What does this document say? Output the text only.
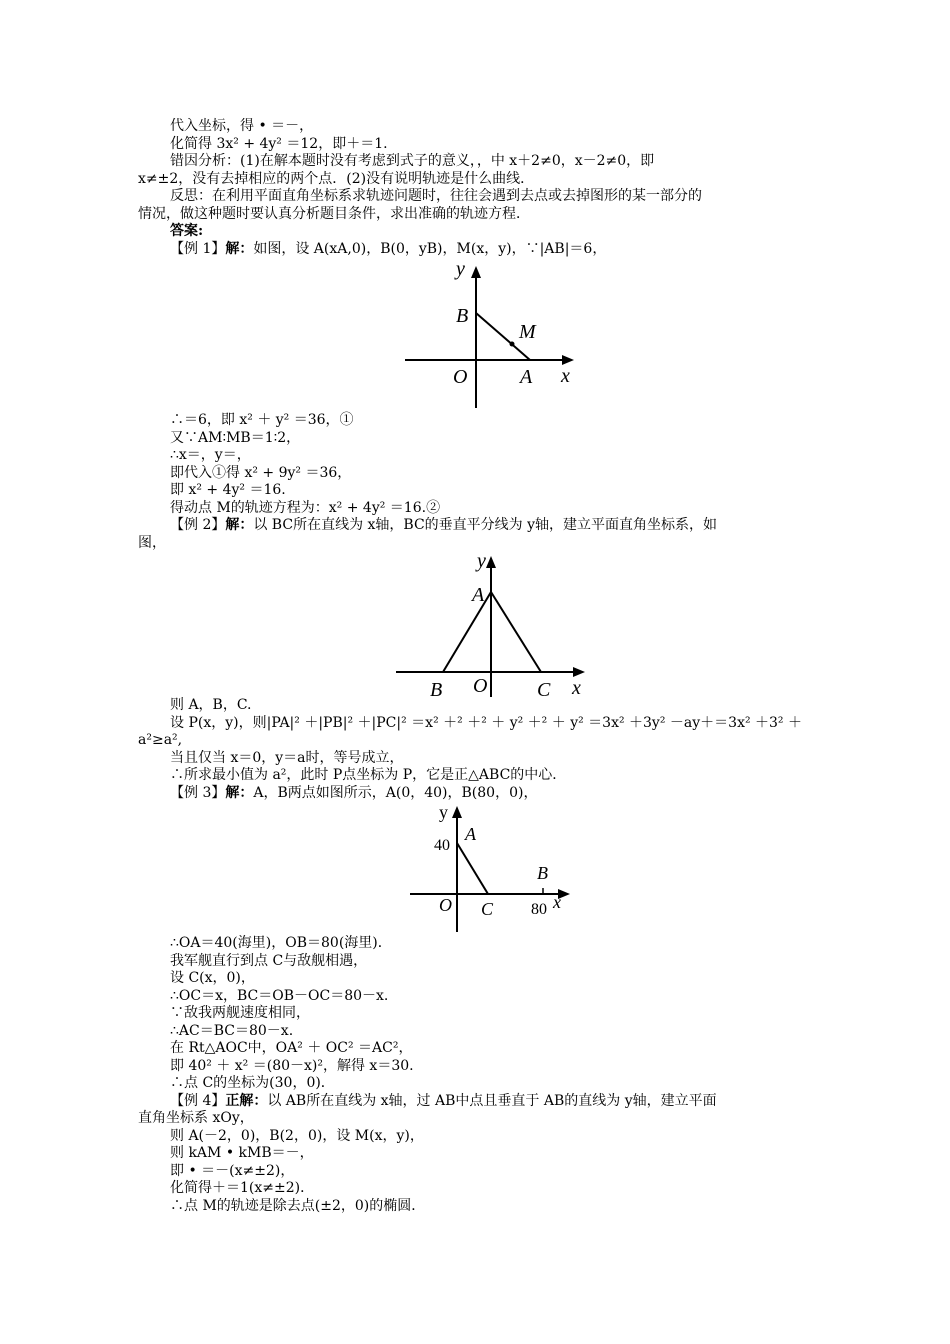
代入坐标，得 • ＝－，
化简得 3x² + 4y² ＝12，即＋＝1.
错因分析：(1)在解本题时没有考虑到式子的意义，，中 x＋2≠0，x－2≠0，即
x≠±2，没有去掉相应的两个点．(2)没有说明轨迹是什么曲线．
反思：在利用平面直角坐标系求轨迹问题时，往往会遇到去点或去掉图形的某一部分的
情况，做这种题时要认真分析题目条件，求出准确的轨迹方程．
答案:
【例 1】解：如图，设 A(xA,0)，B(0，yB)，M(x，y)，∵|AB|＝6，
y
B
M
O	A x
∴＝6，即 x² ＋ y² ＝36，①
又∵AM∶MB＝1∶2，
∴x＝，y＝，
即代入①得 x² + 9y² ＝36，
即 x² + 4y² ＝16.
得动点 M的轨迹方程为：x² + 4y² ＝16.②
【例 2】解：以 BC所在直线为 x轴，BC的垂直平分线为 y轴，建立平面直角坐标系，如
图，
y
A
B O C x
则 A，B，C.
设 P(x，y)，则|PA|² ＋|PB|² ＋|PC|² ＝x² ＋² ＋² ＋ y² ＋² ＋ y² ＝3x² ＋3y² －ay＋＝3x² ＋3² ＋
a²≥a²,
当且仅当 x＝0，y＝a时，等号成立，
∴所求最小值为 a²，此时 P点坐标为 P，它是正△ABC的中心．
【例 3】解：A，B两点如图所示，A(0，40)，B(80，0)，
y
A
40
B
O C 80 x
∴OA＝40(海里)，OB＝80(海里)．
我军舰直行到点 C与敌舰相遇，
设 C(x，0)，
∴OC＝x，BC＝OB－OC＝80－x.
∵敌我两舰速度相同，
∴AC＝BC＝80－x.
在 Rt△AOC中，OA² ＋ OC² ＝AC²，
即 40² ＋ x² ＝(80－x)²，解得 x＝30.
∴点 C的坐标为(30，0)．
【例 4】正解：以 AB所在直线为 x轴，过 AB中点且垂直于 AB的直线为 y轴，建立平面
直角坐标系 xOy，
则 A(－2，0)，B(2，0)，设 M(x，y)，
则 kAM • kMB＝－，
即 • ＝－(x≠±2)，
化简得＋＝1(x≠±2)．
∴点 M的轨迹是除去点(±2，0)的椭圆．
